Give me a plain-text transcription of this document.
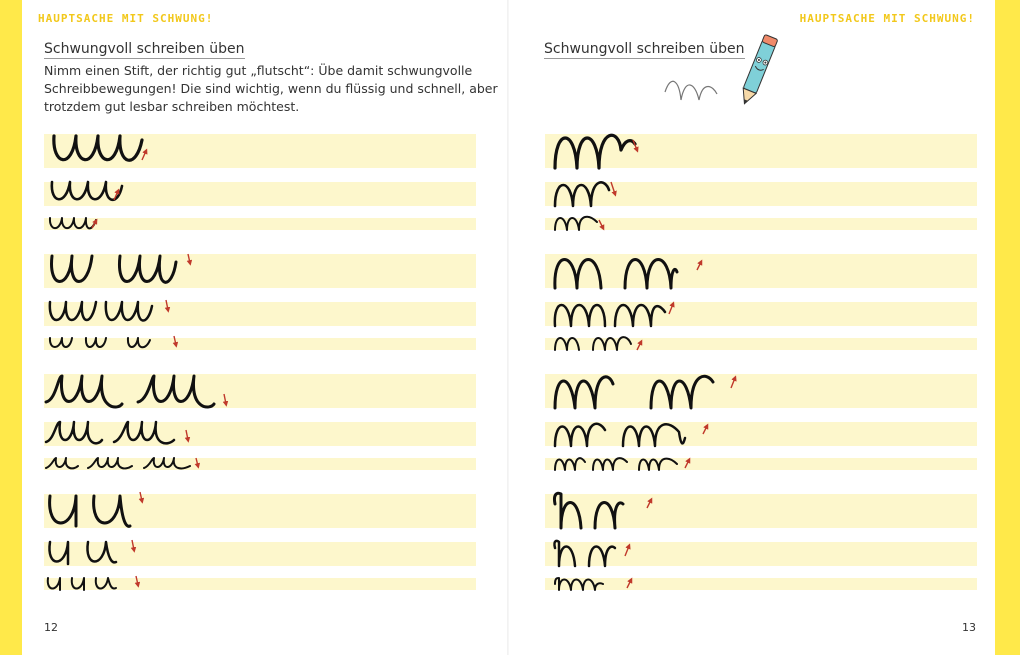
HAUPTSACHE MIT SCHWUNG!
Schwungvoll schreiben üben
Nimm einen Stift, der richtig gut „flutscht“: Übe damit schwungvolle
Schreibbewegungen! Die sind wichtig, wenn du flüssig und schnell, aber
trotzdem gut lesbar schreiben möchtest.
12
HAUPTSACHE MIT SCHWUNG!
Schwungvoll schreiben üben
13
